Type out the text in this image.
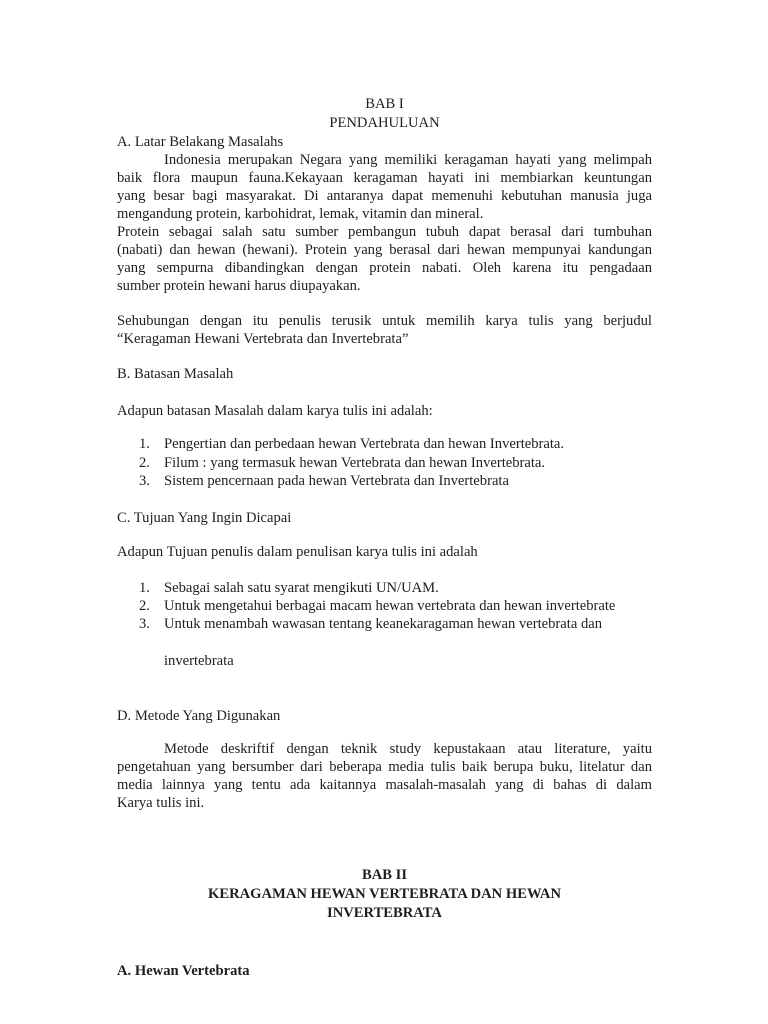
BAB I
PENDAHULUAN
A. Latar Belakang Masalahs
Indonesia merupakan Negara yang memiliki keragaman hayati yang melimpah
baik flora maupun fauna.Kekayaan keragaman hayati ini membiarkan keuntungan
yang besar bagi masyarakat. Di antaranya dapat memenuhi kebutuhan manusia juga
mengandung protein, karbohidrat, lemak, vitamin dan mineral.
Protein sebagai salah satu sumber pembangun tubuh dapat berasal dari tumbuhan
(nabati) dan hewan (hewani). Protein yang berasal dari hewan mempunyai kandungan
yang sempurna dibandingkan dengan protein nabati. Oleh karena itu pengadaan
sumber protein hewani harus diupayakan.
Sehubungan dengan itu penulis terusik untuk memilih karya tulis yang berjudul
“Keragaman Hewani Vertebrata dan Invertebrata”
B. Batasan Masalah
Adapun batasan Masalah dalam karya tulis ini adalah:
1. Pengertian dan perbedaan hewan Vertebrata dan hewan Invertebrata.
2. Filum : yang termasuk hewan Vertebrata dan hewan Invertebrata.
3. Sistem pencernaan pada hewan Vertebrata dan Invertebrata
C. Tujuan Yang Ingin Dicapai
Adapun Tujuan penulis dalam penulisan karya tulis ini adalah
1. Sebagai salah satu syarat mengikuti UN/UAM.
2. Untuk mengetahui berbagai macam hewan vertebrata dan hewan invertebrate
3. Untuk menambah wawasan tentang keanekaragaman hewan vertebrata dan
invertebrata
D. Metode Yang Digunakan
Metode deskriftif dengan teknik study kepustakaan atau literature, yaitu
pengetahuan yang bersumber dari beberapa media tulis baik berupa buku, litelatur dan
media lainnya yang tentu ada kaitannya masalah-masalah yang di bahas di dalam
Karya tulis ini.
BAB II
KERAGAMAN HEWAN VERTEBRATA DAN HEWAN
INVERTEBRATA
A. Hewan Vertebrata
